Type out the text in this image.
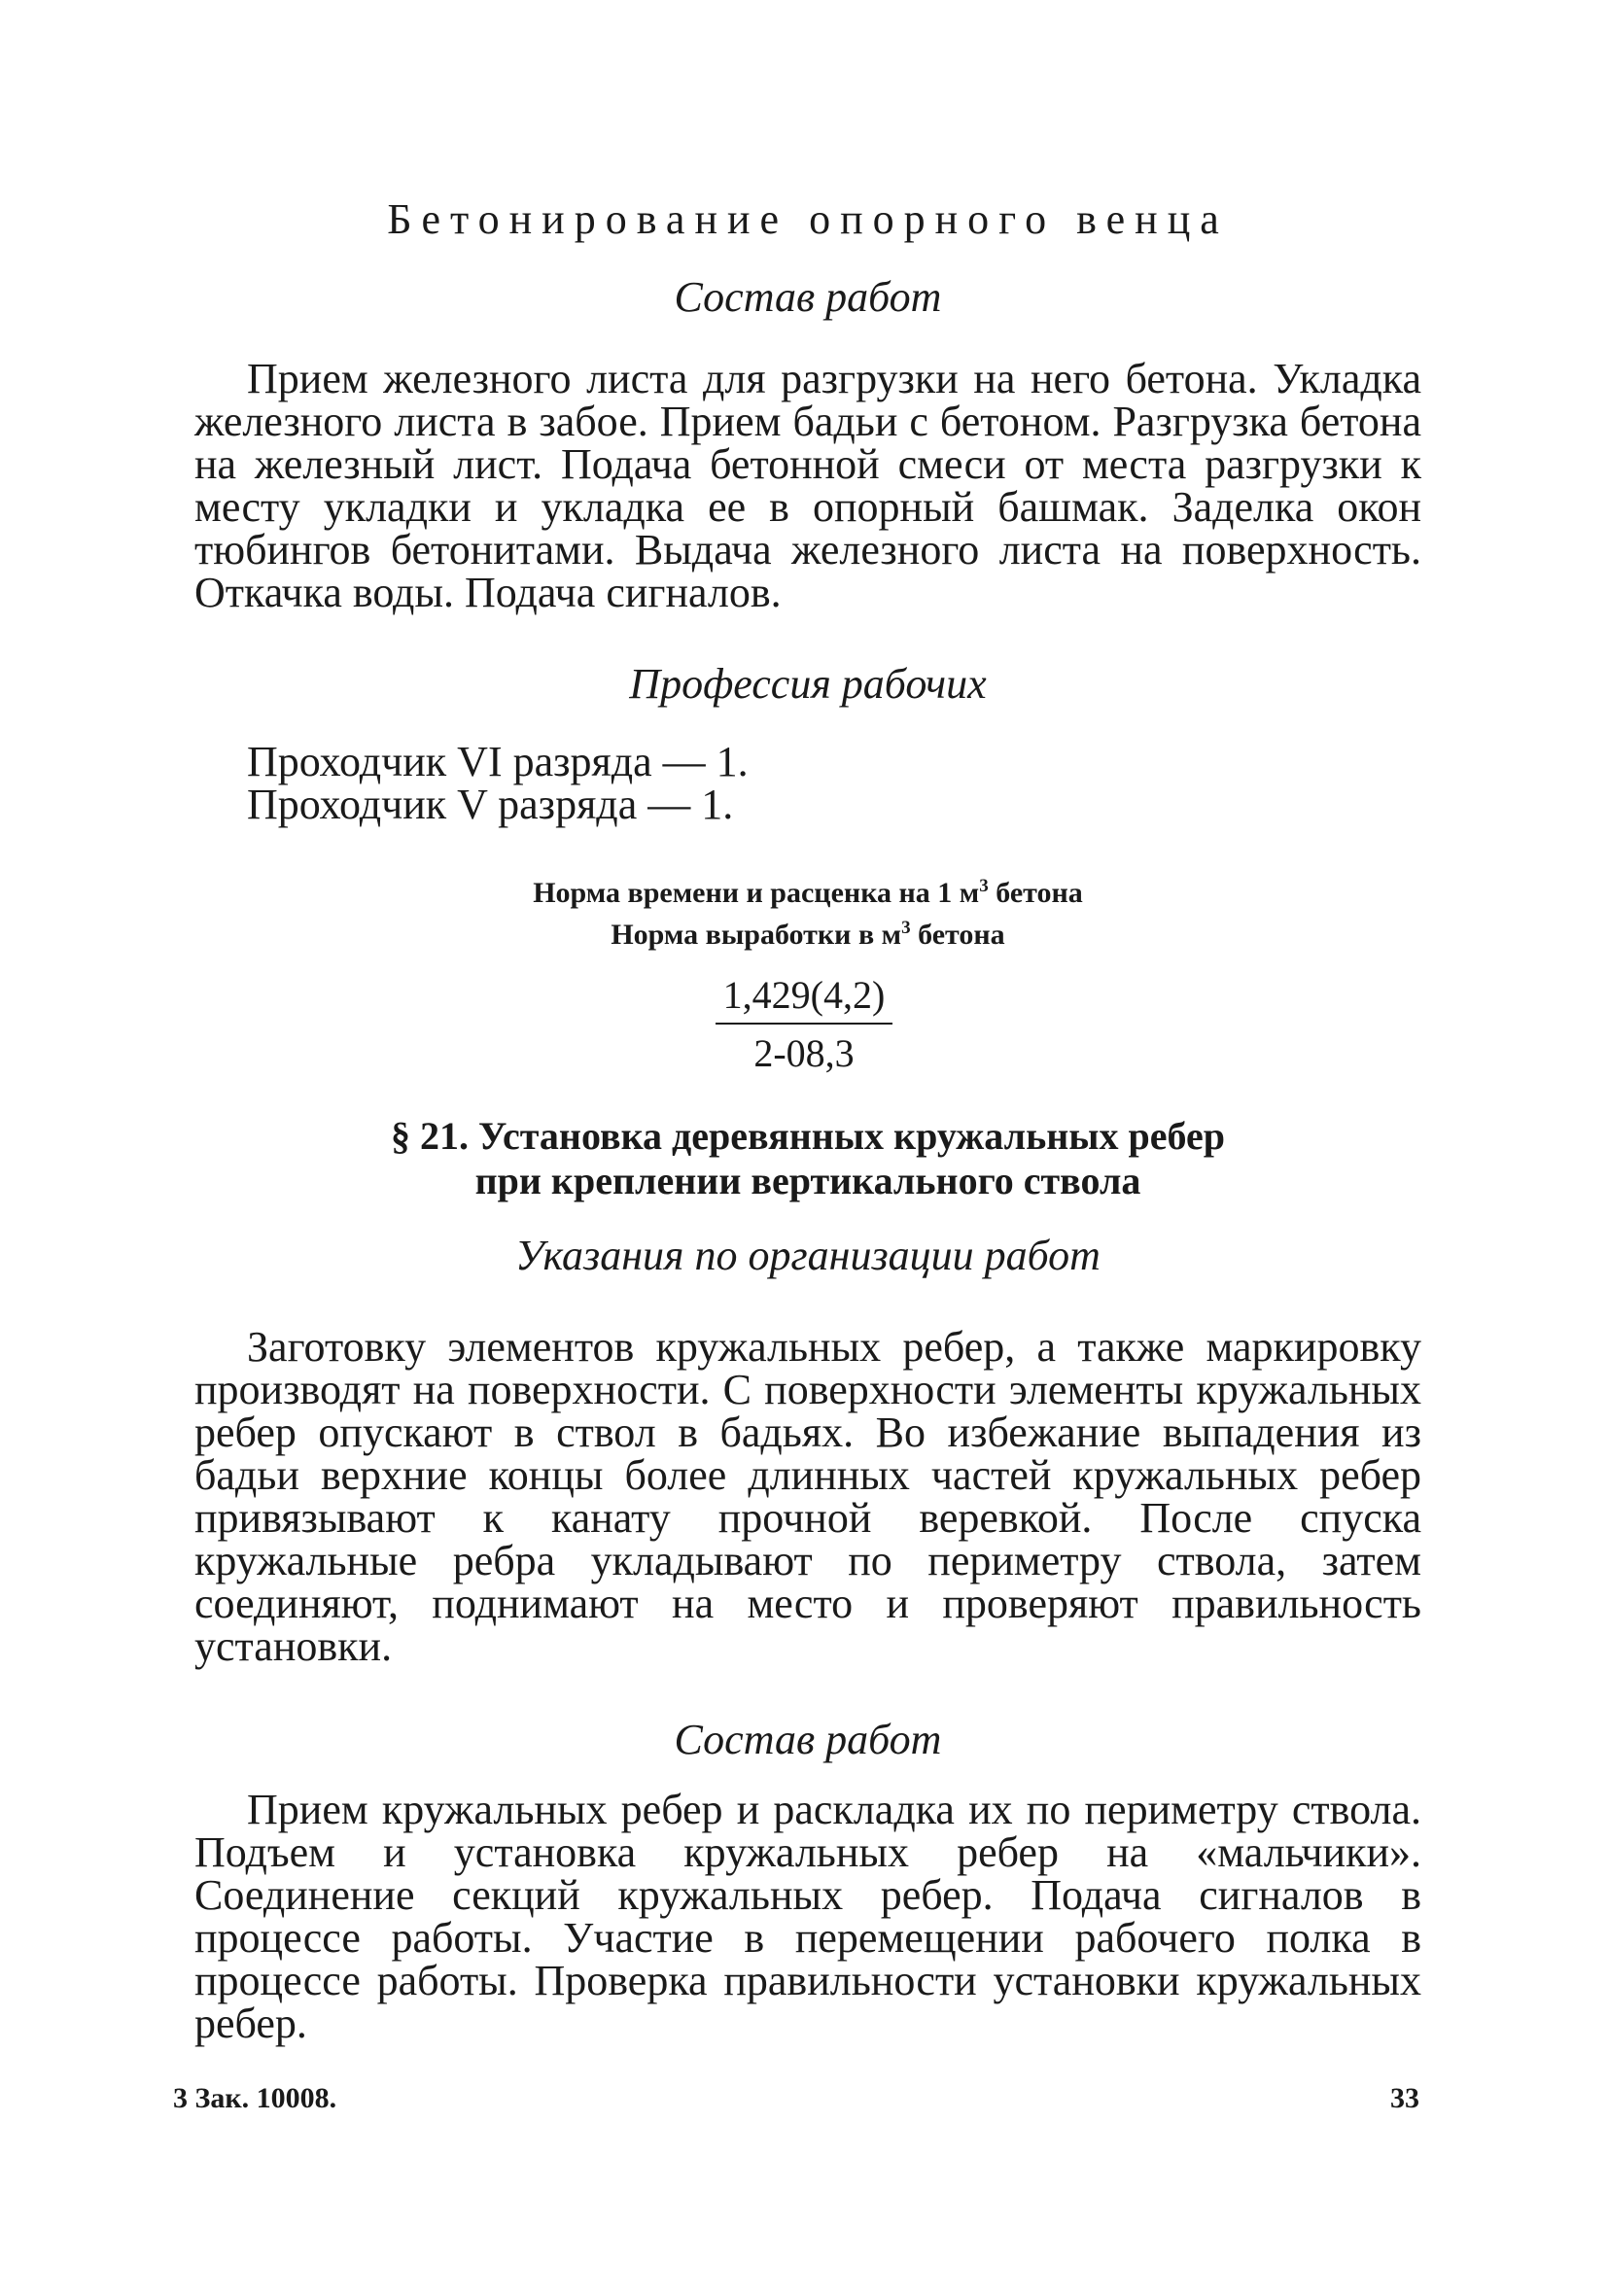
Бетонирование опорного венца
Состав работ

Прием железного листа для разгрузки на него бетона. Укладка железного листа в забое. Прием бадьи с бетоном. Разгрузка бетона на железный лист. Подача бетонной смеси от места разгрузки к месту укладки и укладка ее в опорный башмак. Заделка окон тюбингов бетонитами. Выдача железного листа на поверхность. Откачка воды. Подача сигналов.

Профессия рабочих
Проходчик VI разряда — 1.
Проходчик V разряда — 1.
Норма времени и расценка на 1 $м^3$ бетона
Норма выработки в $м^3$ бетона
$\frac{1,429(4,2)}{2-08,3}$
§ 21. Установка деревянных кружальных ребер
при креплении вертикального ствола
Указания по организации работ

Заготовку элементов кружальных ребер, а также маркировку производят на поверхности. С поверхности элементы кружальных ребер опускают в ствол в бадьях. Во избежание выпадения из бадьи верхние концы более длинных частей кружальных ребер привязывают к канату прочной веревкой. После спуска кружальные ребра укладывают по периметру ствола, затем соединяют, поднимают на место и проверяют правильность установки.

Состав работ

Прием кружальных ребер и раскладка их по периметру ствола. Подъем и установка кружальных ребер на «мальчики». Соединение секций кружальных ребер. Подача сигналов в процессе работы. Участие в перемещении рабочего полка в процессе работы. Проверка правильности установки кружальных ребер.

3 Зак. 10008.	33
